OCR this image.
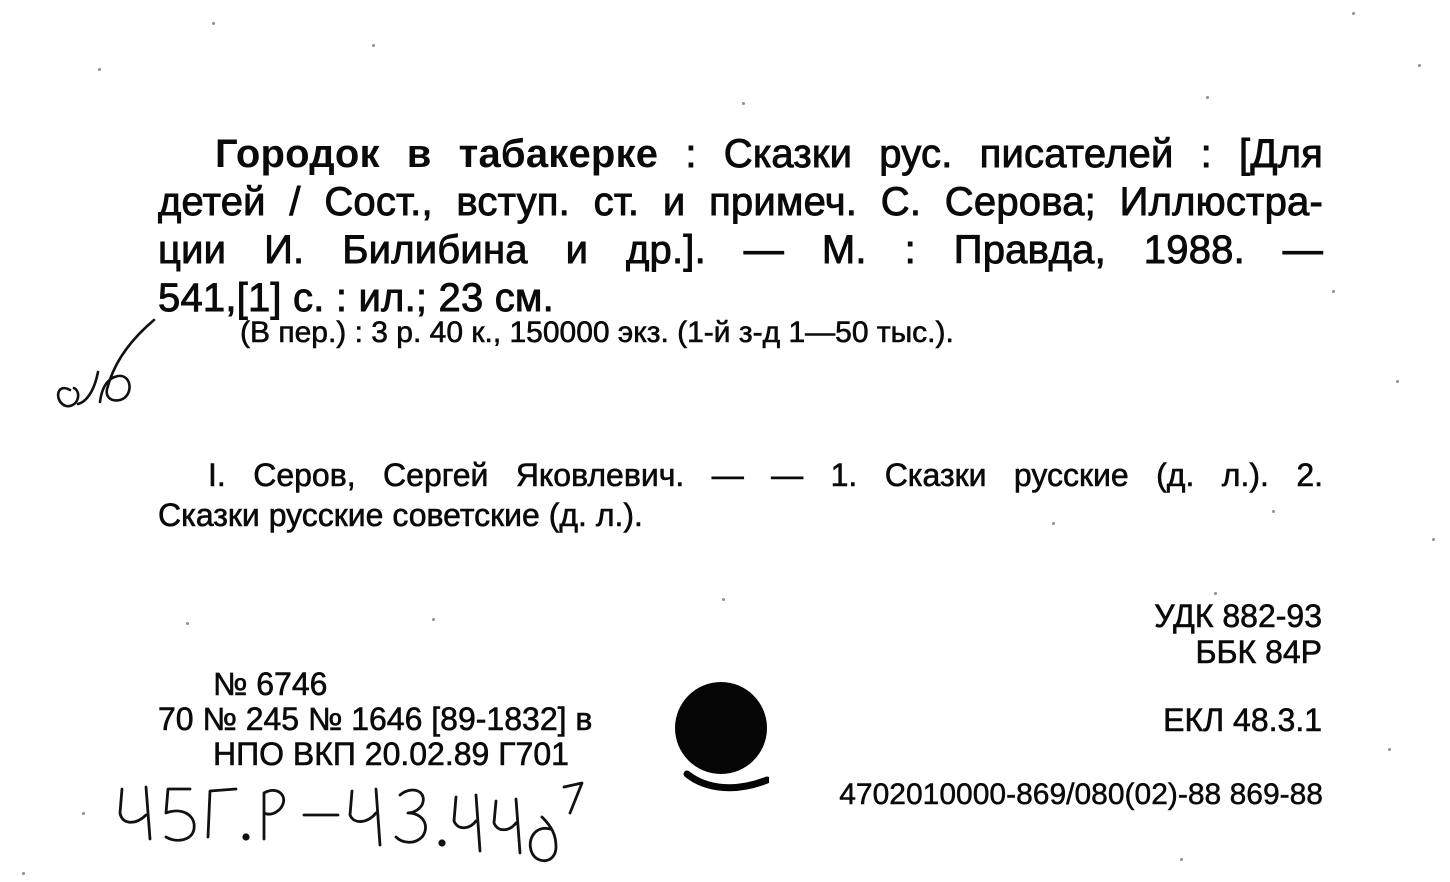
Городок в табакерке : Сказки рус. писателей : [Для
детей / Сост., вступ. ст. и примеч. С. Серова; Иллюстра-
ции И. Билибина и др.]. — М. : Правда, 1988. —
541,[1] с. : ил.; 23 см.
(В пер.) : 3 р. 40 к., 150000 экз. (1-й з-д 1—50 тыс.).
I. Серов, Сергей Яковлевич. — — 1. Сказки русские (д. л.). 2.
Сказки русские советские (д. л.).
УДК 882-93
ББК 84Р
№ 6746
70 № 245 № 1646 [89-1832] в
НПО ВКП 20.02.89 Г701
ЕКЛ 48.3.1
4702010000-869/080(02)-88 869-88
